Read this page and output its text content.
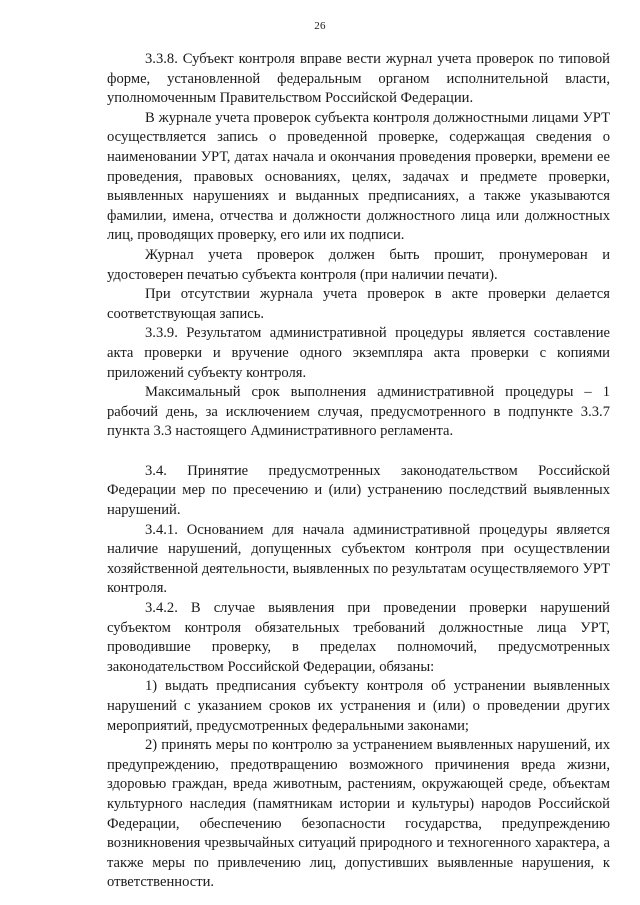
26

3.3.8. Субъект контроля вправе вести журнал учета проверок по типовой форме, установленной федеральным органом исполнительной власти, уполномоченным Правительством Российской Федерации.

В журнале учета проверок субъекта контроля должностными лицами УРТ осуществляется запись о проведенной проверке, содержащая сведения о наименовании УРТ, датах начала и окончания проведения проверки, времени ее проведения, правовых основаниях, целях, задачах и предмете проверки, выявленных нарушениях и выданных предписаниях, а также указываются фамилии, имена, отчества и должности должностного лица или должностных лиц, проводящих проверку, его или их подписи.

Журнал учета проверок должен быть прошит, пронумерован и удостоверен печатью субъекта контроля (при наличии печати).

При отсутствии журнала учета проверок в акте проверки делается соответствующая запись.

3.3.9. Результатом административной процедуры является составление акта проверки и вручение одного экземпляра акта проверки с копиями приложений субъекту контроля.

Максимальный срок выполнения административной процедуры – 1 рабочий день, за исключением случая, предусмотренного в подпункте 3.3.7 пункта 3.3 настоящего Административного регламента.

3.4. Принятие предусмотренных законодательством Российской Федерации мер по пресечению и (или) устранению последствий выявленных нарушений.

3.4.1. Основанием для начала административной процедуры является наличие нарушений, допущенных субъектом контроля при осуществлении хозяйственной деятельности, выявленных по результатам осуществляемого УРТ контроля.

3.4.2. В случае выявления при проведении проверки нарушений субъектом контроля обязательных требований должностные лица УРТ, проводившие проверку, в пределах полномочий, предусмотренных законодательством Российской Федерации, обязаны:

1) выдать предписания субъекту контроля об устранении выявленных нарушений с указанием сроков их устранения и (или) о проведении других мероприятий, предусмотренных федеральными законами;

2) принять меры по контролю за устранением выявленных нарушений, их предупреждению, предотвращению возможного причинения вреда жизни, здоровью граждан, вреда животным, растениям, окружающей среде, объектам культурного наследия (памятникам истории и культуры) народов Российской Федерации, обеспечению безопасности государства, предупреждению возникновения чрезвычайных ситуаций природного и техногенного характера, а также меры по привлечению лиц, допустивших выявленные нарушения, к ответственности.
